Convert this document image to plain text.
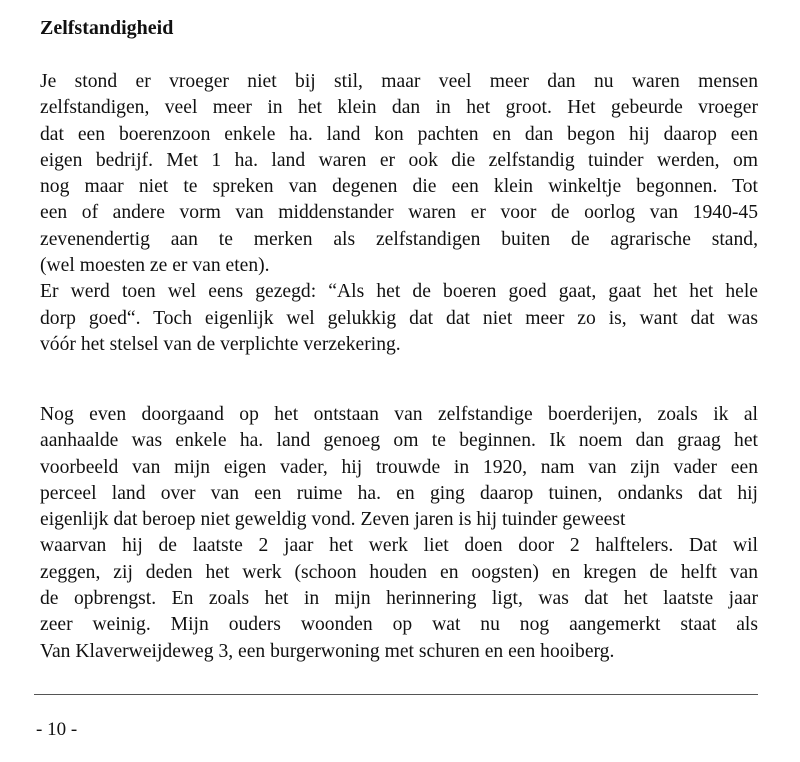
Zelfstandigheid

Je stond er vroeger niet bij stil, maar veel meer dan nu waren mensen
zelfstandigen, veel meer in het klein dan in het groot. Het gebeurde vroeger
dat een boerenzoon enkele ha. land kon pachten en dan begon hij daarop een
eigen bedrijf. Met 1 ha. land waren er ook die zelfstandig tuinder werden, om
nog maar niet te spreken van degenen die een klein winkeltje begonnen. Tot
een of andere vorm van middenstander waren er voor de oorlog van 1940-45
zevenendertig aan te merken als zelfstandigen buiten de agrarische stand,
(wel moesten ze er van eten).
Er werd toen wel eens gezegd: “Als het de boeren goed gaat, gaat het het hele
dorp goed“. Toch eigenlijk wel gelukkig dat dat niet meer zo is, want dat was
vóór het stelsel van de verplichte verzekering.

Nog even doorgaand op het ontstaan van zelfstandige boerderijen, zoals ik al
aanhaalde was enkele ha. land genoeg om te beginnen. Ik noem dan graag het
voorbeeld van mijn eigen vader, hij trouwde in 1920, nam van zijn vader een
perceel land over van een ruime ha. en ging daarop tuinen, ondanks dat hij
eigenlijk dat beroep niet geweldig vond. Zeven jaren is hij tuinder geweest
waarvan hij de laatste 2 jaar het werk liet doen door 2 halftelers. Dat wil
zeggen, zij deden het werk (schoon houden en oogsten) en kregen de helft van
de opbrengst. En zoals het in mijn herinnering ligt, was dat het laatste jaar
zeer weinig. Mijn ouders woonden op wat nu nog aangemerkt staat als
Van Klaverweijdeweg 3, een burgerwoning met schuren en een hooiberg.

- 10 -
